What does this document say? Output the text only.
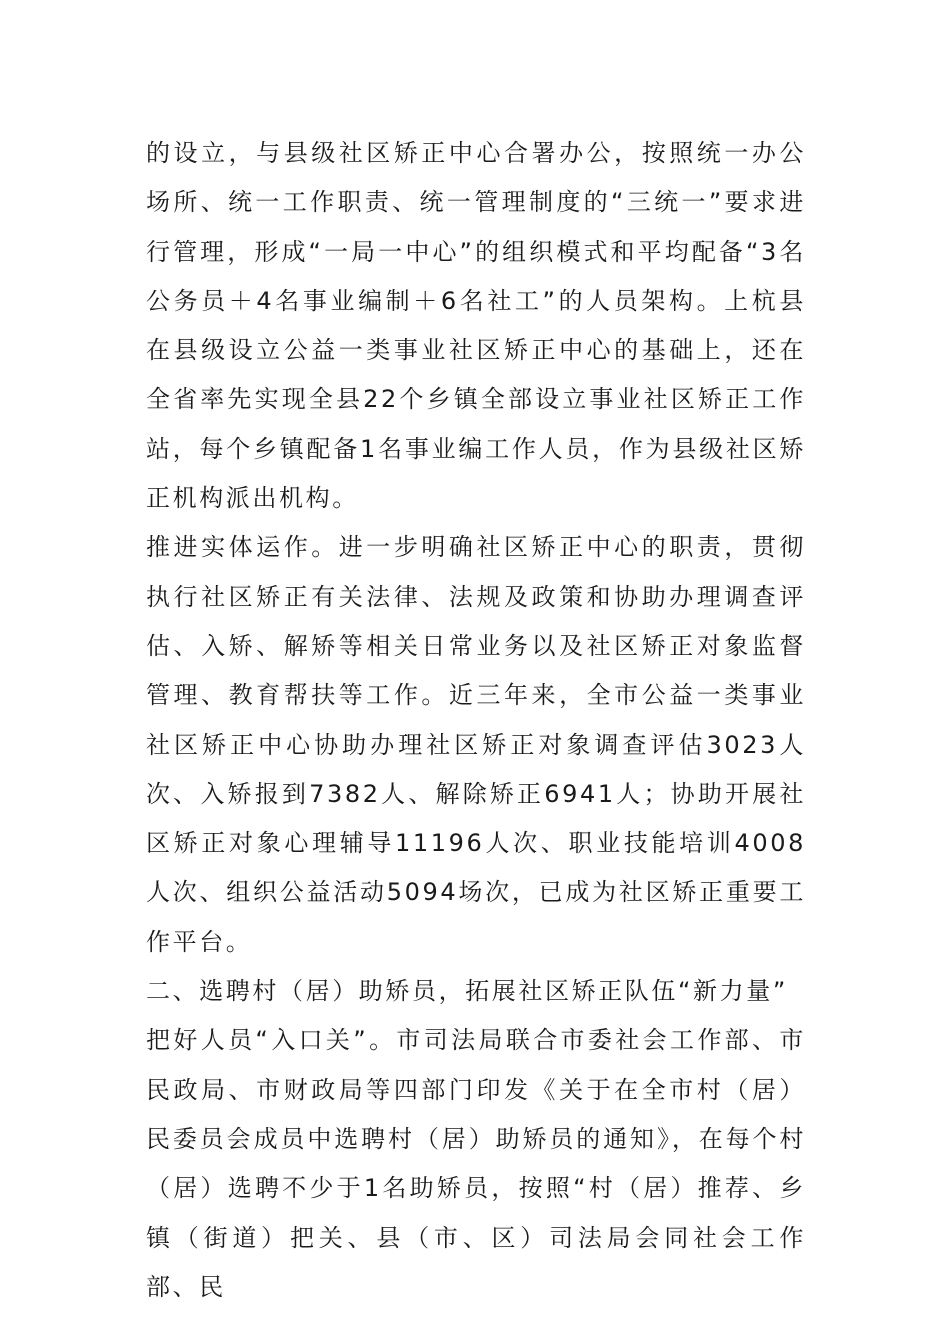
的设立，与县级社区矫正中心合署办公，按照统一办公场所、统一工作职责、统一管理制度的“三统一”要求进行管理，形成“一局一中心”的组织模式和平均配备“3名公务员＋4名事业编制＋6名社工”的人员架构。上杭县在县级设立公益一类事业社区矫正中心的基础上，还在全省率先实现全县22个乡镇全部设立事业社区矫正工作站，每个乡镇配备1名事业编工作人员，作为县级社区矫正机构派出机构。

推进实体运作。进一步明确社区矫正中心的职责，贯彻执行社区矫正有关法律、法规及政策和协助办理调查评估、入矫、解矫等相关日常业务以及社区矫正对象监督管理、教育帮扶等工作。近三年来，全市公益一类事业社区矫正中心协助办理社区矫正对象调查评估3023人次、入矫报到7382人、解除矫正6941人；协助开展社区矫正对象心理辅导11196人次、职业技能培训4008人次、组织公益活动5094场次，已成为社区矫正重要工作平台。

二、选聘村（居）助矫员，拓展社区矫正队伍“新力量”

把好人员“入口关”。市司法局联合市委社会工作部、市民政局、市财政局等四部门印发《关于在全市村（居）民委员会成员中选聘村（居）助矫员的通知》，在每个村（居）选聘不少于1名助矫员，按照“村（居）推荐、乡镇（街道）把关、县（市、区）司法局会同社会工作部、民
